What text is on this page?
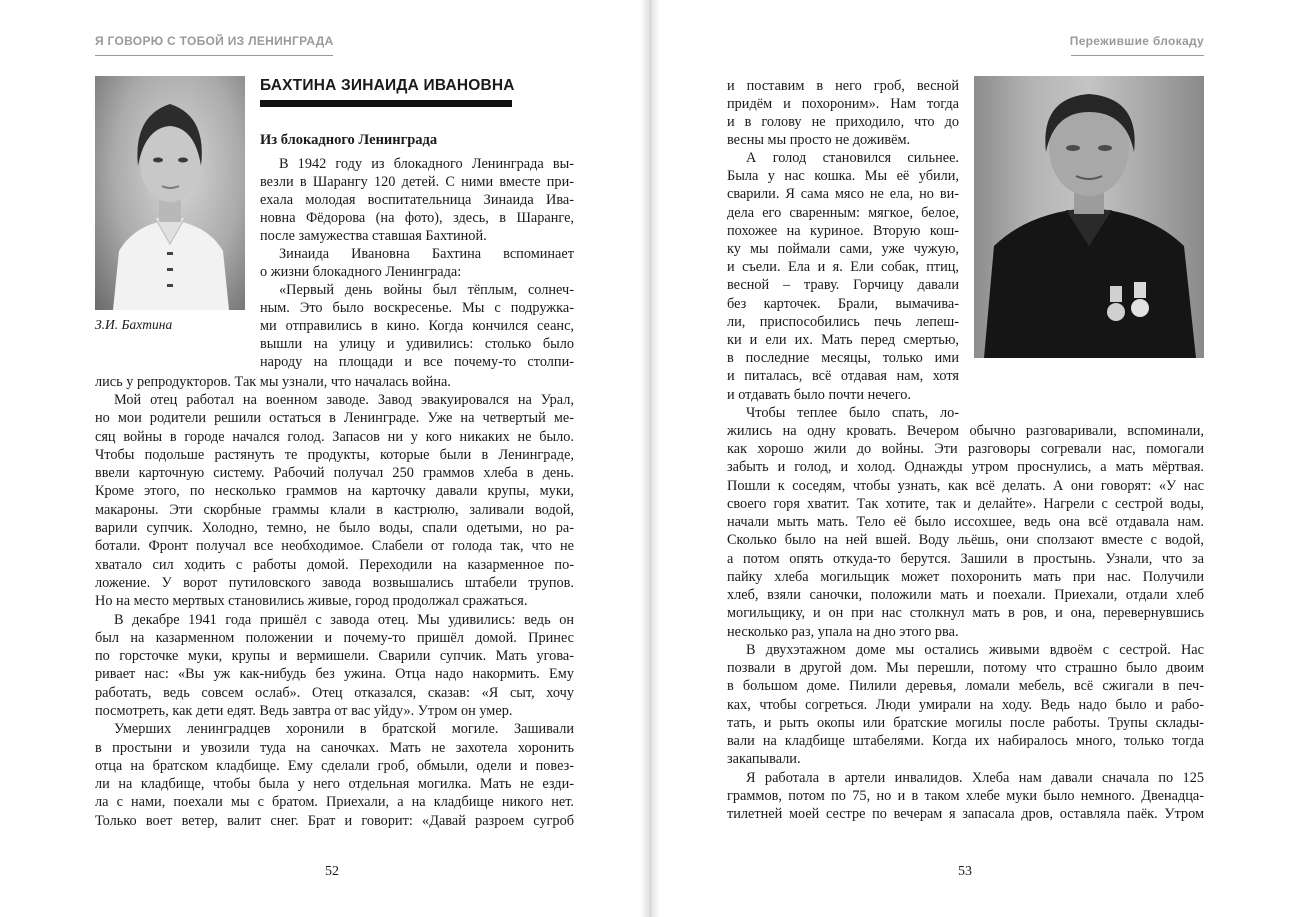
Я ГОВОРЮ С ТОБОЙ ИЗ ЛЕНИНГРАДА
З.И. Бахтина
БАХТИНА ЗИНАИДА ИВАНОВНА
Из блокадного Ленинграда
В 1942 году из блокадного Ленинграда вы-
везли в Шарангу 120 детей. С ними вместе при-
ехала молодая воспитательница Зинаида Ива-
новна Фёдорова (на фото), здесь, в Шаранге,
после замужества ставшая Бахтиной.
Зинаида Ивановна Бахтина вспоминает
о жизни блокадного Ленинграда:
«Первый день войны был тёплым, солнеч-
ным. Это было воскресенье. Мы с подружка-
ми отправились в кино. Когда кончился сеанс,
вышли на улицу и удивились: столько было
народу на площади и все почему-то столпи-
лись у репродукторов. Так мы узнали, что началась война.
Мой отец работал на военном заводе. Завод эвакуировался на Урал,
но мои родители решили остаться в Ленинграде. Уже на четвертый ме-
сяц войны в городе начался голод. Запасов ни у кого никаких не было.
Чтобы подольше растянуть те продукты, которые были в Ленинграде,
ввели карточную систему. Рабочий получал 250 граммов хлеба в день.
Кроме этого, по несколько граммов на карточку давали крупы, муки,
макароны. Эти скорбные граммы клали в кастрюлю, заливали водой,
варили супчик. Холодно, темно, не было воды, спали одетыми, но ра-
ботали. Фронт получал все необходимое. Слабели от голода так, что не
хватало сил ходить с работы домой. Переходили на казарменное по-
ложение. У ворот путиловского завода возвышались штабели трупов.
Но на место мертвых становились живые, город продолжал сражаться.
В декабре 1941 года пришёл с завода отец. Мы удивились: ведь он
был на казарменном положении и почему-то пришёл домой. Принес
по горсточке муки, крупы и вермишели. Сварили супчик. Мать угова-
ривает нас: «Вы уж как-нибудь без ужина. Отца надо накормить. Ему
работать, ведь совсем ослаб». Отец отказался, сказав: «Я сыт, хочу
посмотреть, как дети едят. Ведь завтра от вас уйду». Утром он умер.
Умерших ленинградцев хоронили в братской могиле. Зашивали
в простыни и увозили туда на саночках. Мать не захотела хоронить
отца на братском кладбище. Ему сделали гроб, обмыли, одели и повез-
ли на кладбище, чтобы была у него отдельная могилка. Мать не езди-
ла с нами, поехали мы с братом. Приехали, а на кладбище никого нет.
Только воет ветер, валит снег. Брат и говорит: «Давай разроем сугроб
52
Пережившие блокаду
и поставим в него гроб, весной
придём и похороним». Нам тогда
и в голову не приходило, что до
весны мы просто не доживём.
А голод становился сильнее.
Была у нас кошка. Мы её убили,
сварили. Я сама мясо не ела, но ви-
дела его сваренным: мягкое, белое,
похожее на куриное. Вторую кош-
ку мы поймали сами, уже чужую,
и съели. Ела и я. Ели собак, птиц,
весной – траву. Горчицу давали
без карточек. Брали, вымачива-
ли, приспособились печь лепеш-
ки и ели их. Мать перед смертью,
в последние месяцы, только ими
и питалась, всё отдавая нам, хотя
и отдавать было почти нечего.
Чтобы теплее было спать, ло-
жились на одну кровать. Вечером обычно разговаривали, вспоминали,
как хорошо жили до войны. Эти разговоры согревали нас, помогали
забыть и голод, и холод. Однажды утром проснулись, а мать мёртвая.
Пошли к соседям, чтобы узнать, как всё делать. А они говорят: «У нас
своего горя хватит. Так хотите, так и делайте». Нагрели с сестрой воды,
начали мыть мать. Тело её было иссохшее, ведь она всё отдавала нам.
Сколько было на ней вшей. Воду льёшь, они сползают вместе с водой,
а потом опять откуда-то берутся. Зашили в простынь. Узнали, что за
пайку хлеба могильщик может похоронить мать при нас. Получили
хлеб, взяли саночки, положили мать и поехали. Приехали, отдали хлеб
могильщику, и он при нас столкнул мать в ров, и она, перевернувшись
несколько раз, упала на дно этого рва.
В двухэтажном доме мы остались живыми вдвоём с сестрой. Нас
позвали в другой дом. Мы перешли, потому что страшно было двоим
в большом доме. Пилили деревья, ломали мебель, всё сжигали в печ-
ках, чтобы согреться. Люди умирали на ходу. Ведь надо было и рабо-
тать, и рыть окопы или братские могилы после работы. Трупы склады-
вали на кладбище штабелями. Когда их набиралось много, только тогда
закапывали.
Я работала в артели инвалидов. Хлеба нам давали сначала по 125
граммов, потом по 75, но и в таком хлебе муки было немного. Двенадца-
тилетней моей сестре по вечерам я запасала дров, оставляла паёк. Утром
53
